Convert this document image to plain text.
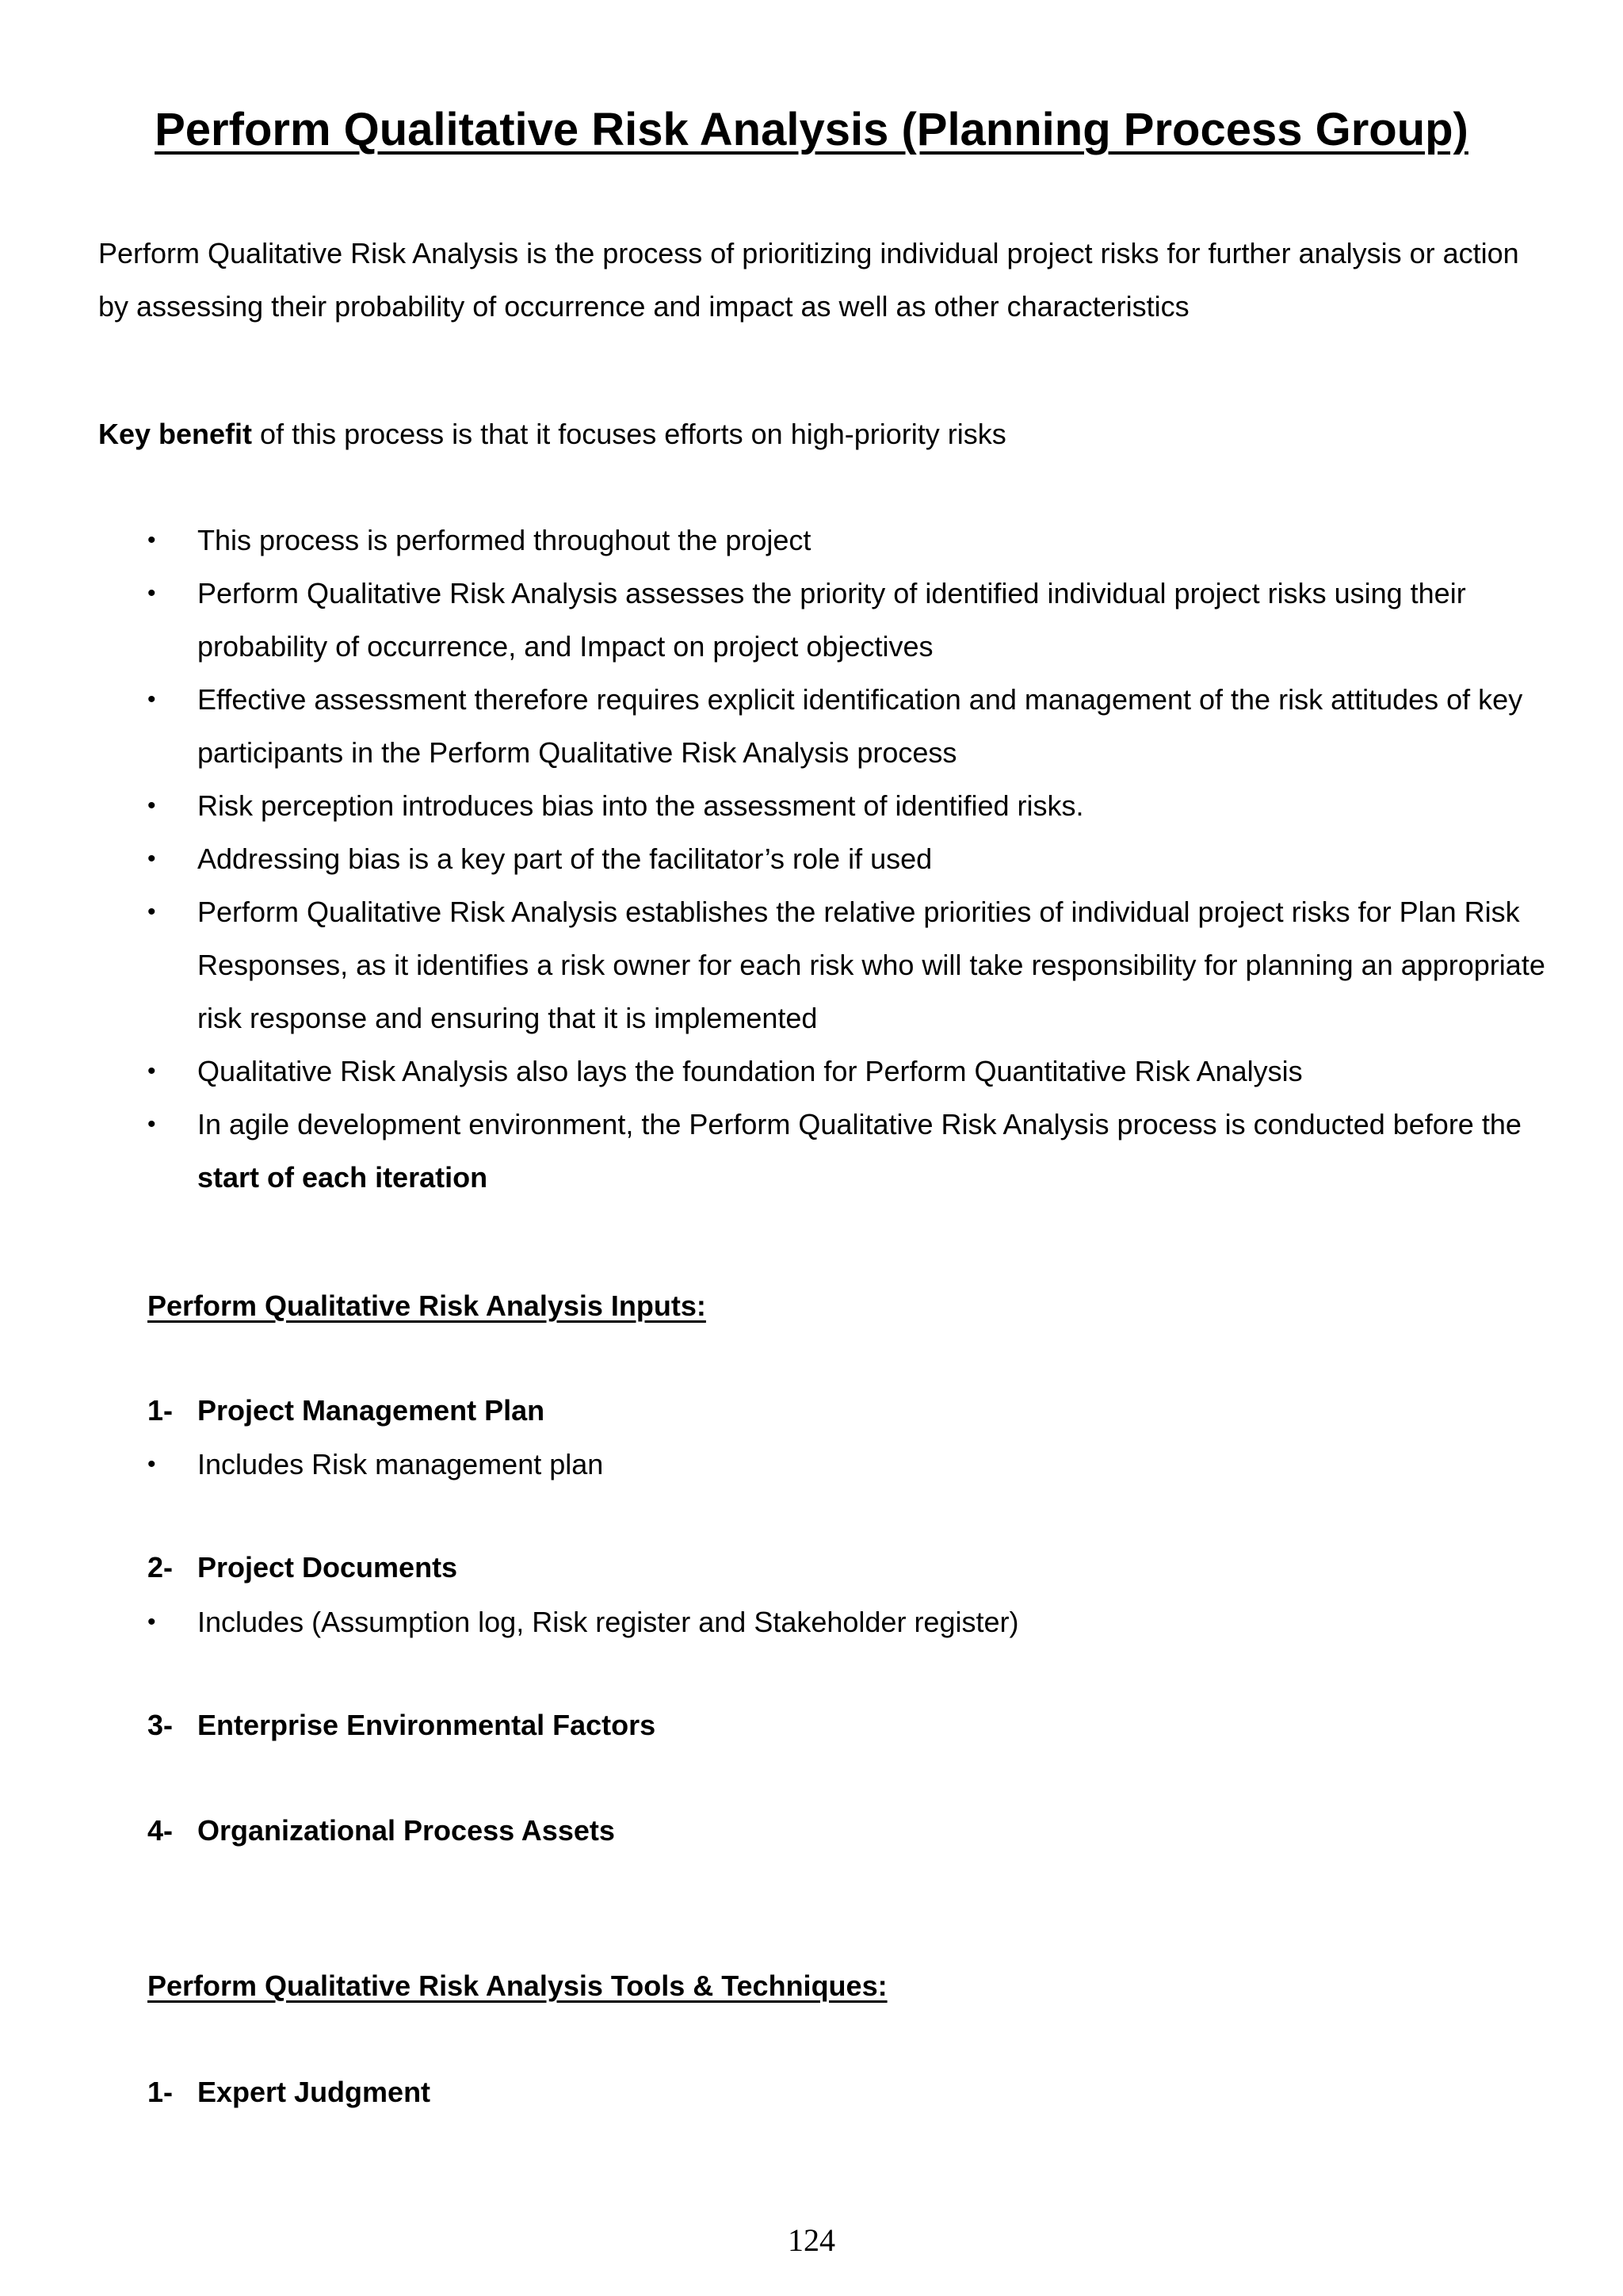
Perform Qualitative Risk Analysis (Planning Process Group)
Perform Qualitative Risk Analysis is the process of prioritizing individual project risks for further analysis or action by assessing their probability of occurrence and impact as well as other characteristics
Key benefit of this process is that it focuses efforts on high-priority risks
• This process is performed throughout the project
• Perform Qualitative Risk Analysis assesses the priority of identified individual project risks using their probability of occurrence, and Impact on project objectives
• Effective assessment therefore requires explicit identification and management of the risk attitudes of key participants in the Perform Qualitative Risk Analysis process
• Risk perception introduces bias into the assessment of identified risks.
• Addressing bias is a key part of the facilitator’s role if used
• Perform Qualitative Risk Analysis establishes the relative priorities of individual project risks for Plan Risk Responses, as it identifies a risk owner for each risk who will take responsibility for planning an appropriate risk response and ensuring that it is implemented
• Qualitative Risk Analysis also lays the foundation for Perform Quantitative Risk Analysis
• In agile development environment, the Perform Qualitative Risk Analysis process is conducted before the start of each iteration
Perform Qualitative Risk Analysis Inputs:
1- Project Management Plan
• Includes Risk management plan
2- Project Documents
• Includes (Assumption log, Risk register and Stakeholder register)
3- Enterprise Environmental Factors
4- Organizational Process Assets
Perform Qualitative Risk Analysis Tools & Techniques:
1- Expert Judgment
124
